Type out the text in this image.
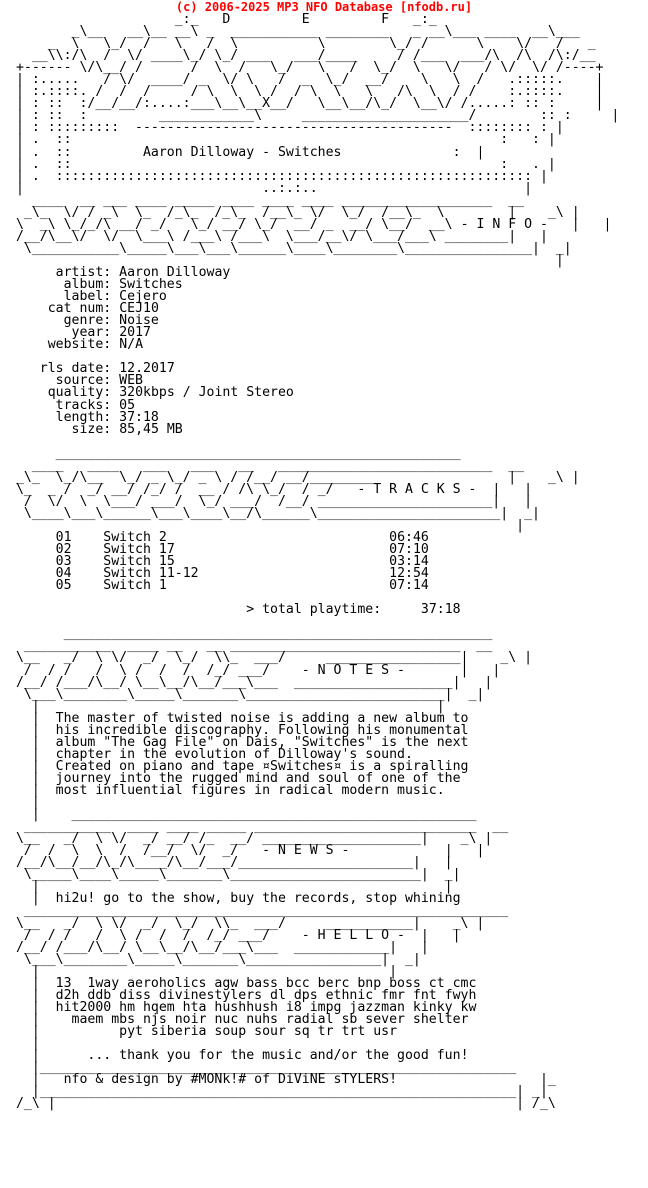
(c) 2006-2025 MP3 NFO Database [nfodb.ru]
_:_   D         E         F   _:_
_\__   __\__ __\ _  ___________ ________   _ __\___ ____  __\___
_  \   \_/  /   \   /  \          \        \_/ /      \    \/   /   _
__\\:/\  /  \/ ____\_/ \_/ ___   ___/____     / /___  ___/\  /\  /\:/__
+------ \/\__/ /      /  \  /   \_/   \   /  \_/  \   \/   / \/  \/ /----+
| :.....   / \/  ____/ _  \/ \   /  _  \_/  __/    \   \  /   .:::::.    |
| :.::::. /  /  /     / \  \  \ /  / \  \   \   /\  \  / /    :.::::.    |
| : ::  :/__/__/:....:___\__\__X__/   \__\__/\_/  \__\/ /.....: :: :     |
| : ::  :         ____________\     _____________________/        :: :     |
| : :::::::::  ----------------------------------------  :::::::: : |
| .  ::                                                      :   : |
| .  ::	Aaron Dilloway - Switches	:  |
| .  ::                                                      :   . |
| .  :::::::::::::::::::::::::::::::::::::::::::::::::::::::::::: |
|                              ..:.:..                          |
____  __ ___ ____ _____ ____ ____ ____ ___________________  __
_\_  \/ / _\  \_  /_\_  /_\_  /__\_ \/  \_/  /__\_  \        |    _\ |
\  _\ \_/_/\ __/ _/   \_/ __/ \_/  __/ _  __/ \__/  __\ - I N F O -   |   |
/__/\__\/  \/  \___\ /___\ /___\  \___/__\/ \___/___\ ________|   |
\___________\_____\___\___\______\____\________\________________|  _|
|
artist: Aaron Dilloway
album: Switches
label: Cejero
cat num: CEJ10
genre: Noise
year: 2017
website: N/A

rls date: 12.2017
source: WEB
quality: 320kbps / Joint Stereo
tracks: 05
length: 37:18
size: 85,45 MB

___________________________________________________

____   ____   ___   ___   __   ___________________________  __
_\_  \_/\__  \_/ _ \_/ _ \ / /__/ __/________                 |    _\ |
\_  _ /  _/ __/ /_/ /  __ / /\ \_/  / _/   - T R A C K S -  |   |
/  \/  \  \___/ ___/  \_/ ___/  /__/ ______________________|   |
\____\___\______\___\____\__/\______\_______________________|  _|
|
01 Switch 2	06:46
02 Switch 17	07:10
03 Switch 15	03:14
04 Switch 11-12	12:54
05 Switch 1	07:14

> total playtime:	37:18

______________________________________________________

___________  ____ __   __ _____________________________  __
\__   _/  \ \/  _/  \_/  \\_  ___/     _________________|    _\ |
/  / /   /  \ /  /  /  /_/ ___/    - N O T E S -	|   |
/__/ /___/\__/ \__\__/\__/___\___  ____________________|   |
\___\________\_____\_______\_________________________|  _|
|                                                  |
|  The master of twisted noise is adding a new album to
|  his incredible discography. Following his monumental
|  album "The Gag File" on Dais, "Switches" is the next
|  chapter in the evolution of Dilloway's sound.
|  Created on piano and tape ¤Switches¤ is a spiralling
|  journey into the rugged mind and soul of one of the
|  most influential figures in radical modern music.
|
|    ___________________________________________________

___________  ____ ____ _____ ____________________________  __
\__   _/  \ \/  _/ __/ /_  __/ ____________________|    _\ |
/  /  \  \  /  /__/  \/  _/   - N E W S -	|   |
/__/\__/__/\_/\____/\__/___/______________________|   |
\_____\____\_____\_______\________________________|  _|
|                                                   |
|  hi2u! go to the show, buy the records, stop whining

_____________________________________________________________
\__   _/  \ \/  _/  \_/  \\_  ___/     ___________|    _\ |
/  / /   /  \ /  /  /  /_/ ___/    - H E L L O -  |   |
/__/ /___/\__/ \__\__/\__/___\___  ____________|   |
\___\________\_____\_______\_________________|  _|
|                                            |
|  13  1way aeroholics agw bass bcc berc bnp boss ct cmc
|  d2h ddb diss divinestylers dl dps ethnic fmr fnt fwyh
|  hit2000 hm hqem hta hushhush i8 impg jazzman kinky kw
|    maem mbs njs noir nuc nuhs radial sb sever shelter
|	pyt siberia soup sour sq tr trt usr
|
|	... thank you for the music and/or the good fun!
|____________________________________________________________
|   nfo & design by #MONk!# of DiViNE sTYLERS!	|_
|____________________________________________________________| _|
/_\ |                                                          | /_\
